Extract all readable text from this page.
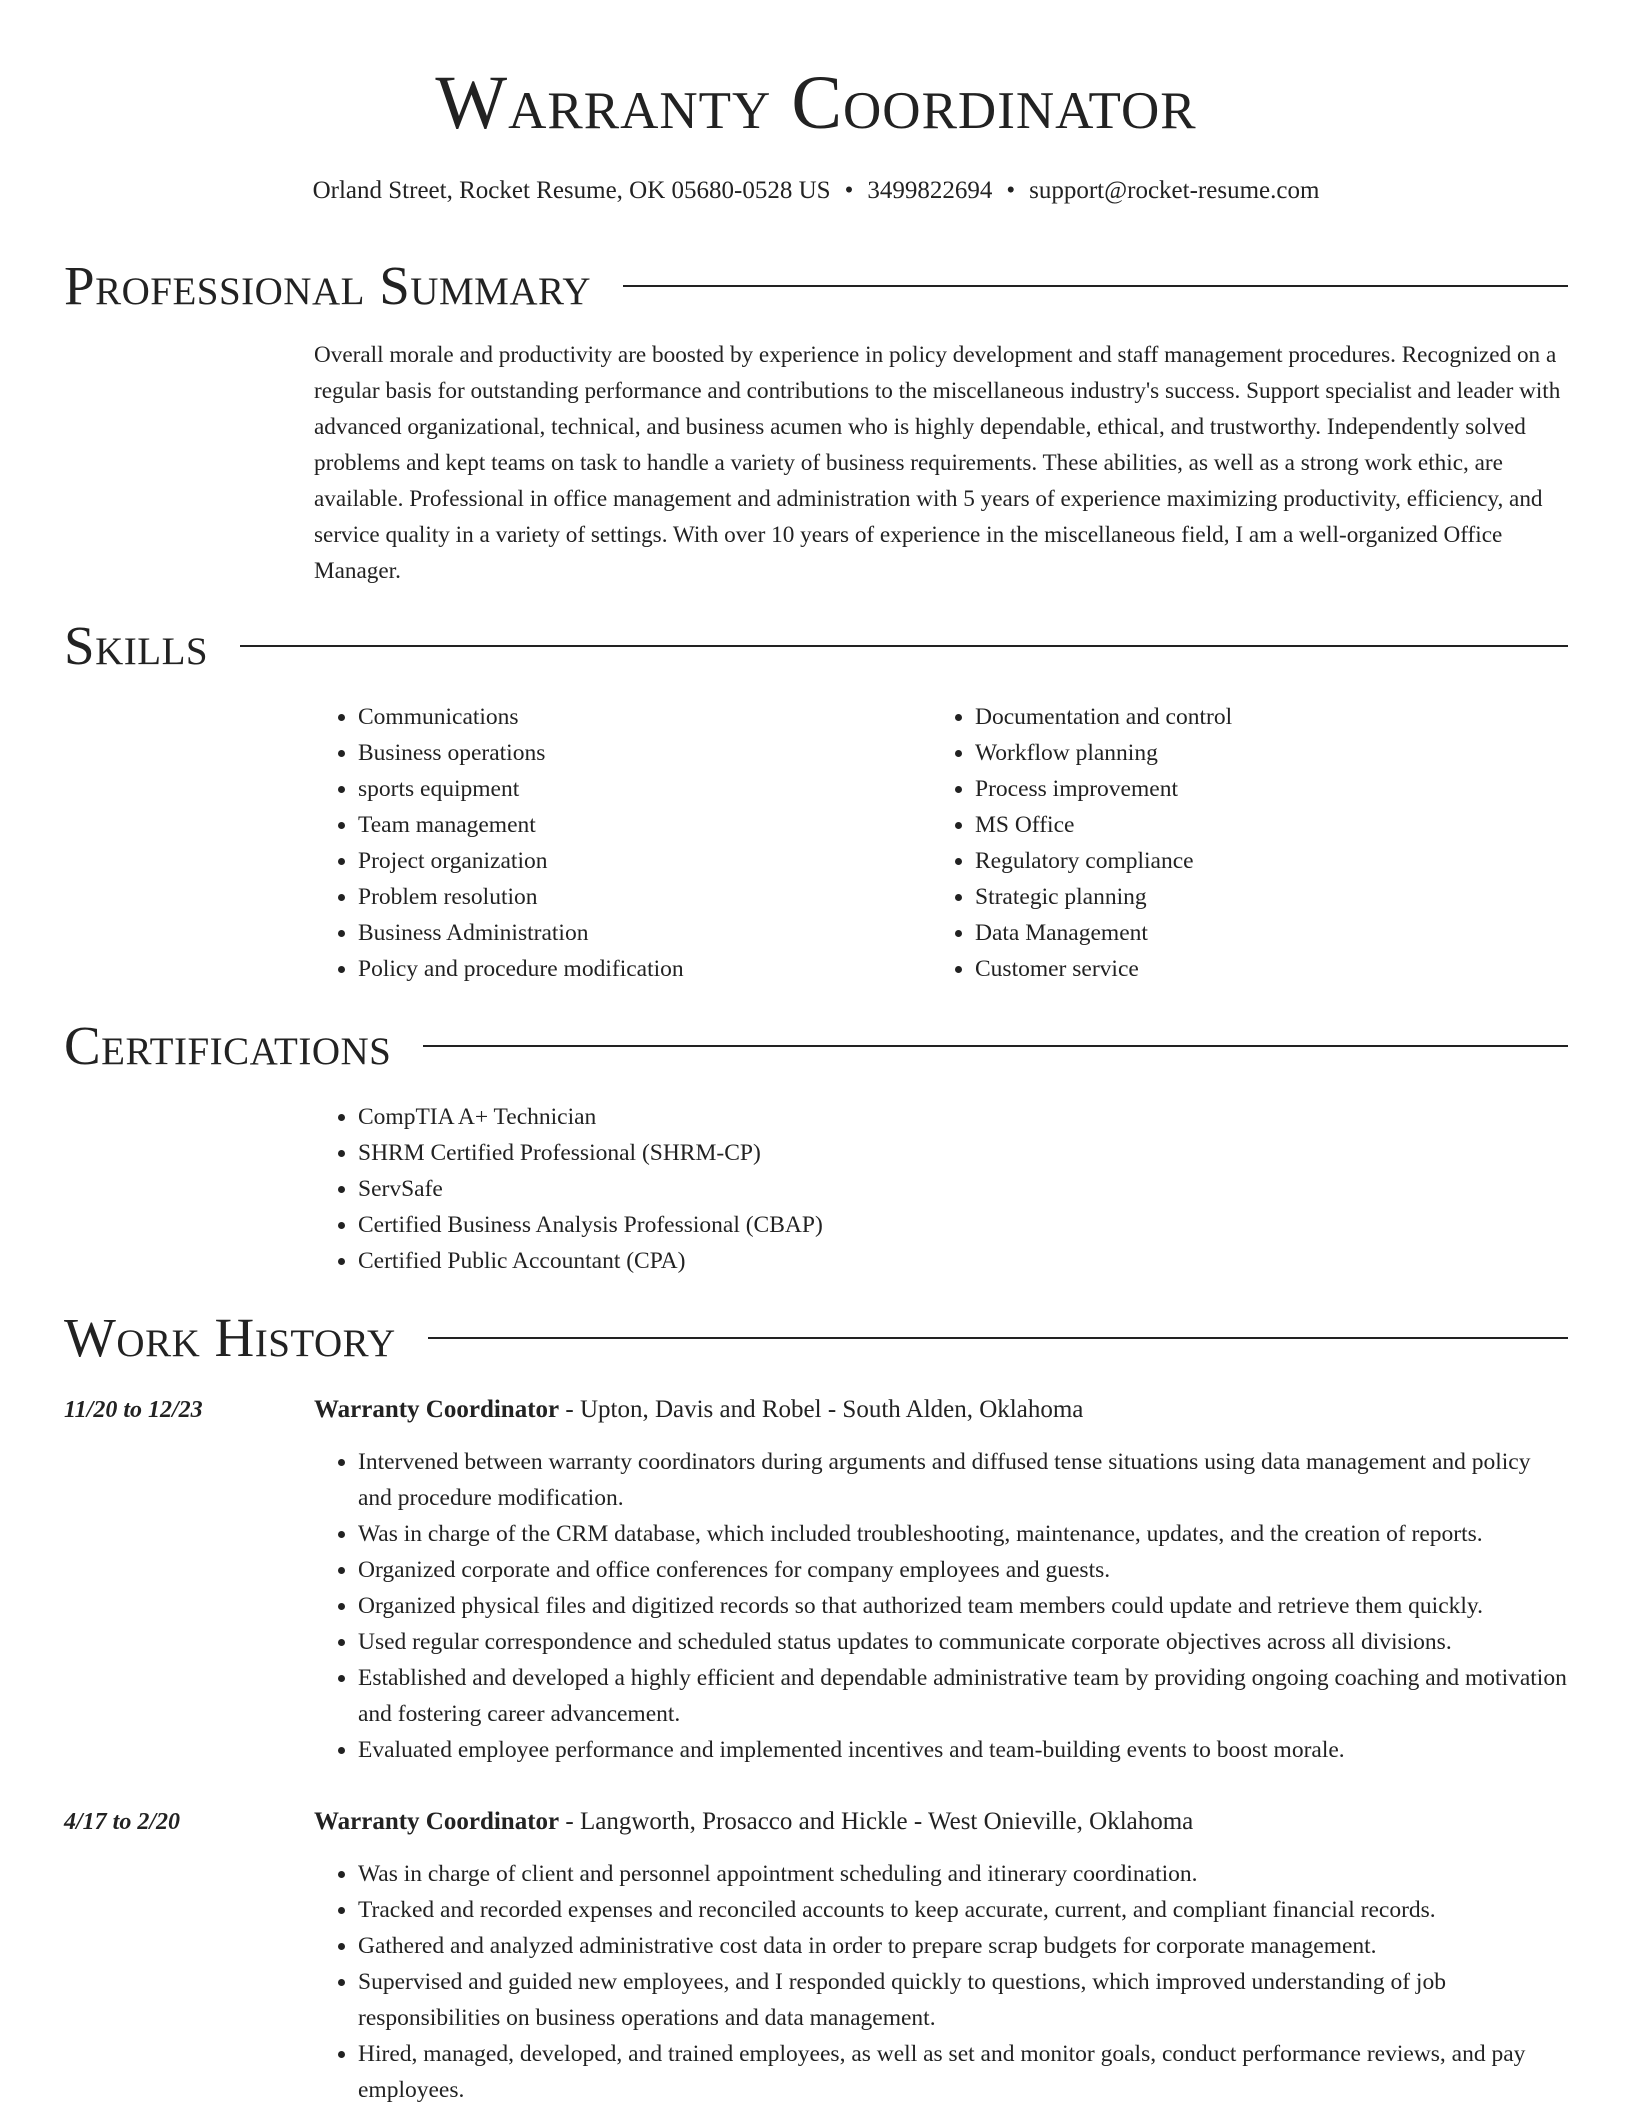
Warranty Coordinator
Orland Street, Rocket Resume, OK 05680-0528 US • 3499822694 • support@rocket-resume.com
Professional Summary

Overall morale and productivity are boosted by experience in policy development and staff management procedures. Recognized on a regular basis for outstanding performance and contributions to the miscellaneous industry's success. Support specialist and leader with advanced organizational, technical, and business acumen who is highly dependable, ethical, and trustworthy. Independently solved problems and kept teams on task to handle a variety of business requirements. These abilities, as well as a strong work ethic, are available. Professional in office management and administration with 5 years of experience maximizing productivity, efficiency, and service quality in a variety of settings. With over 10 years of experience in the miscellaneous field, I am a well-organized Office Manager.

Skills
• Communications
• Business operations
• sports equipment
• Team management
• Project organization
• Problem resolution
• Business Administration
• Policy and procedure modification
• Documentation and control
• Workflow planning
• Process improvement
• MS Office
• Regulatory compliance
• Strategic planning
• Data Management
• Customer service
Certifications
• CompTIA A+ Technician
• SHRM Certified Professional (SHRM-CP)
• ServSafe
• Certified Business Analysis Professional (CBAP)
• Certified Public Accountant (CPA)
Work History
11/20 to 12/23	Warranty Coordinator - Upton, Davis and Robel - South Alden, Oklahoma
• Intervened between warranty coordinators during arguments and diffused tense situations using data management and policy and procedure modification.
• Was in charge of the CRM database, which included troubleshooting, maintenance, updates, and the creation of reports.
• Organized corporate and office conferences for company employees and guests.
• Organized physical files and digitized records so that authorized team members could update and retrieve them quickly.
• Used regular correspondence and scheduled status updates to communicate corporate objectives across all divisions.
• Established and developed a highly efficient and dependable administrative team by providing ongoing coaching and motivation and fostering career advancement.
• Evaluated employee performance and implemented incentives and team-building events to boost morale.
4/17 to 2/20	Warranty Coordinator - Langworth, Prosacco and Hickle - West Onieville, Oklahoma
• Was in charge of client and personnel appointment scheduling and itinerary coordination.
• Tracked and recorded expenses and reconciled accounts to keep accurate, current, and compliant financial records.
• Gathered and analyzed administrative cost data in order to prepare scrap budgets for corporate management.
• Supervised and guided new employees, and I responded quickly to questions, which improved understanding of job responsibilities on business operations and data management.
• Hired, managed, developed, and trained employees, as well as set and monitor goals, conduct performance reviews, and pay employees.
